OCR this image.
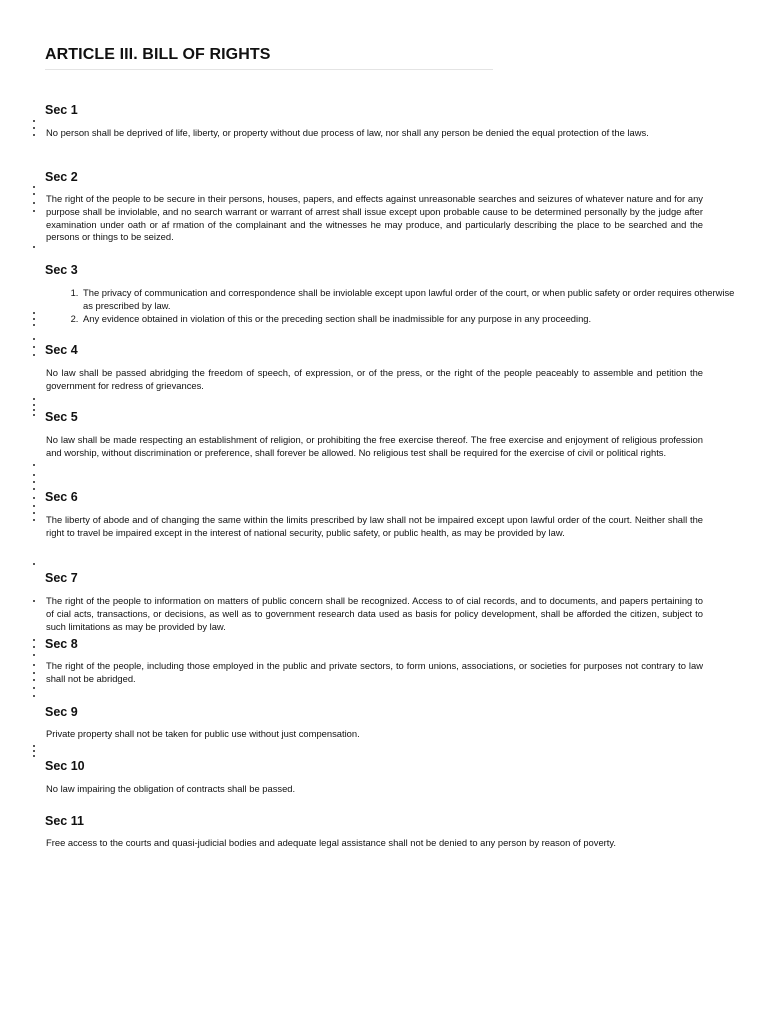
ARTICLE III. BILL OF RIGHTS
Sec 1

No person shall be deprived of life, liberty, or property without due process of law, nor shall any person be denied the equal protection of the laws.

Sec 2

The right of the people to be secure in their persons, houses, papers, and effects against unreasonable searches and seizures of whatever nature and for any purpose shall be inviolable, and no search warrant or warrant of arrest shall issue except upon probable cause to be determined personally by the judge after examination under oath or af rmation of the complainant and the witnesses he may produce, and particularly describing the place to be searched and the persons or things to be seized.

Sec 3
1. The privacy of communication and correspondence shall be inviolable except upon lawful order of the court, or when public safety or order requires otherwise as prescribed by law.
2. Any evidence obtained in violation of this or the preceding section shall be inadmissible for any purpose in any proceeding.
Sec 4

No law shall be passed abridging the freedom of speech, of expression, or of the press, or the right of the people peaceably to assemble and petition the government for redress of grievances.

Sec 5

No law shall be made respecting an establishment of religion, or prohibiting the free exercise thereof. The free exercise and enjoyment of religious profession and worship, without discrimination or preference, shall forever be allowed. No religious test shall be required for the exercise of civil or political rights.

Sec 6

The liberty of abode and of changing the same within the limits prescribed by law shall not be impaired except upon lawful order of the court. Neither shall the right to travel be impaired except in the interest of national security, public safety, or public health, as may be provided by law.

Sec 7

The right of the people to information on matters of public concern shall be recognized. Access to of cial records, and to documents, and papers pertaining to of cial acts, transactions, or decisions, as well as to government research data used as basis for policy development, shall be afforded the citizen, subject to such limitations as may be provided by law.

Sec 8

The right of the people, including those employed in the public and private sectors, to form unions, associations, or societies for purposes not contrary to law shall not be abridged.

Sec 9

Private property shall not be taken for public use without just compensation.

Sec 10

No law impairing the obligation of contracts shall be passed.

Sec 11

Free access to the courts and quasi-judicial bodies and adequate legal assistance shall not be denied to any person by reason of poverty.
